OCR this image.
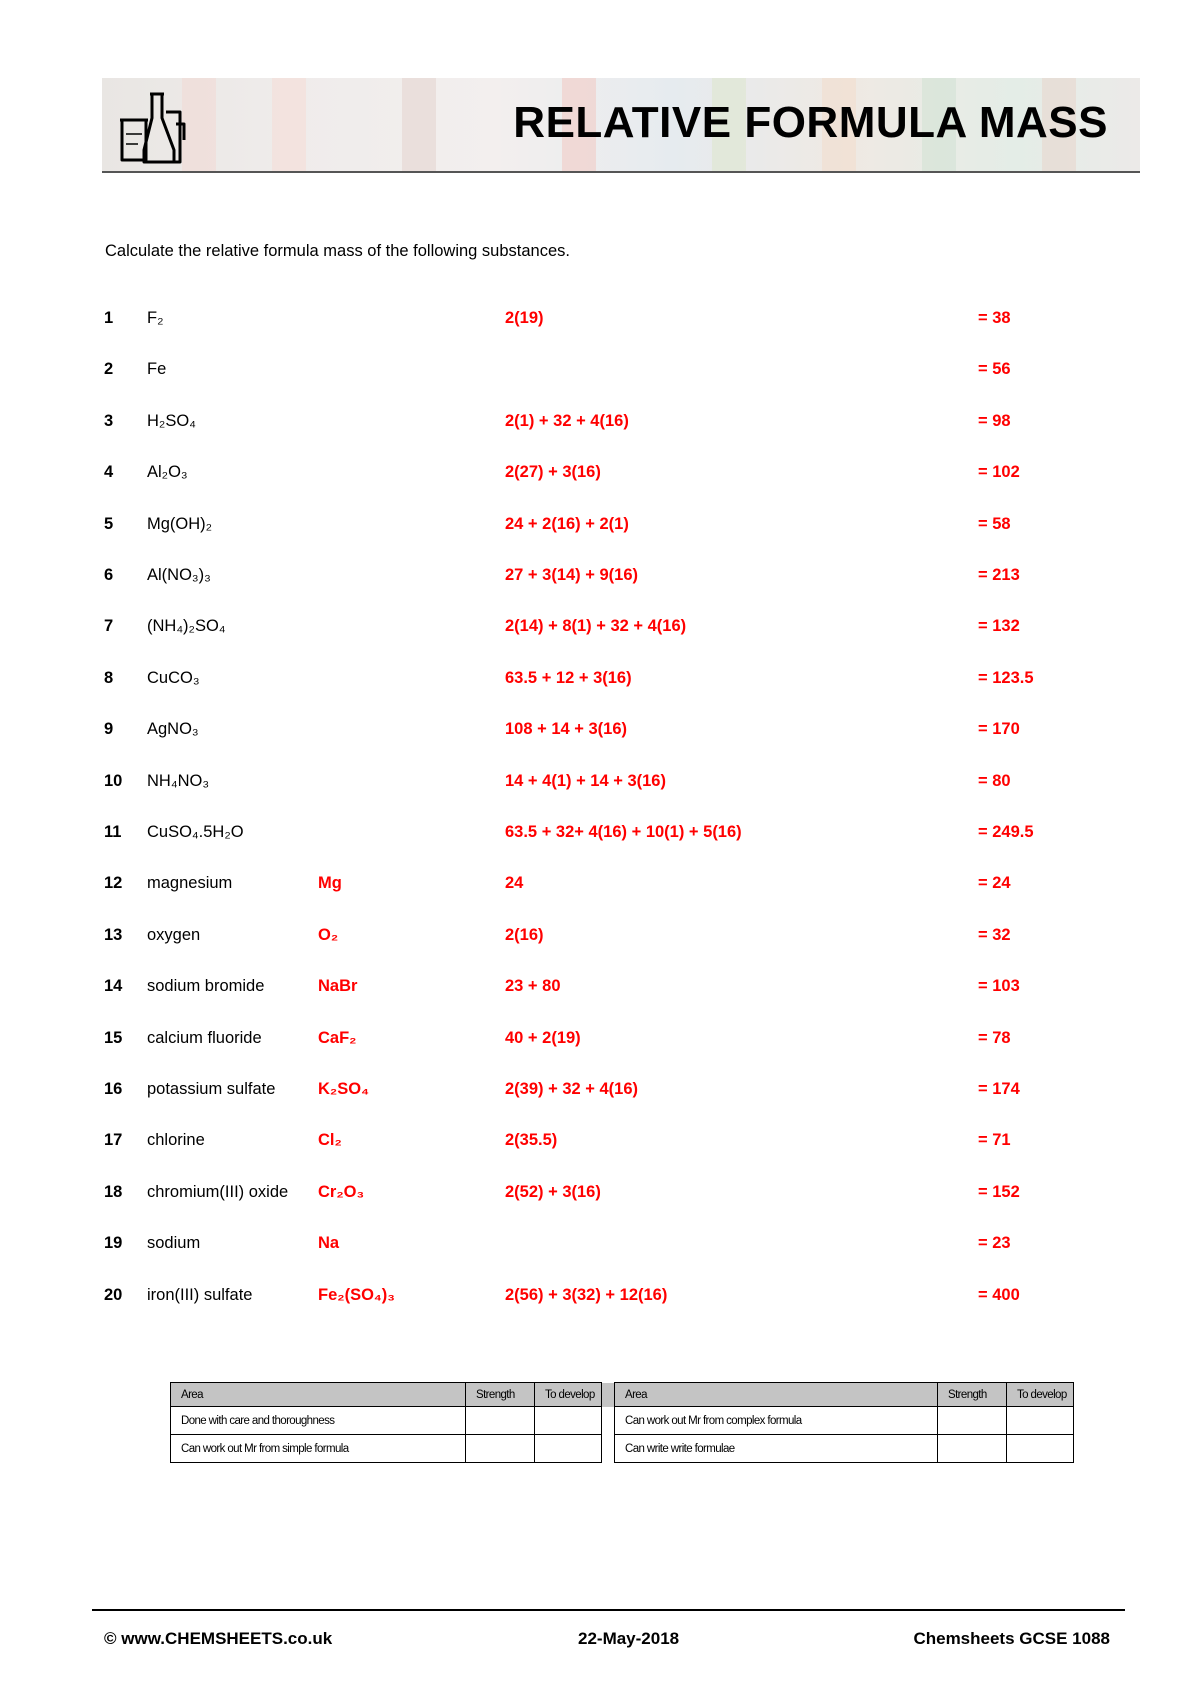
RELATIVE FORMULA MASS
Calculate the relative formula mass of the following substances.
1 F₂	2(19)	= 38
2 Fe	= 56
3 H₂SO₄	2(1) + 32 + 4(16)	= 98
4 Al₂O₃	2(27) + 3(16)	= 102
5 Mg(OH)₂	24 + 2(16) + 2(1)	= 58
6 Al(NO₃)₃	27 + 3(14) + 9(16)	= 213
7 (NH₄)₂SO₄	2(14) + 8(1) + 32 + 4(16)	= 132
8 CuCO₃	63.5 + 12 + 3(16)	= 123.5
9 AgNO₃	108 + 14 + 3(16)	= 170
10 NH₄NO₃	14 + 4(1) + 14 + 3(16)	= 80
11 CuSO₄.5H₂O	63.5 + 32+ 4(16) + 10(1) + 5(16)	= 249.5
12 magnesium	Mg	24	= 24
13 oxygen	O₂	2(16)	= 32
14 sodium bromide	NaBr	23 + 80	= 103
15 calcium fluoride	CaF₂	40 + 2(19)	= 78
16 potassium sulfate	K₂SO₄	2(39) + 32 + 4(16)	= 174
17 chlorine	Cl₂	2(35.5)	= 71
18 chromium(III) oxide Cr₂O₃	2(52) + 3(16)	= 152
19 sodium	Na	= 23
20 iron(III) sulfate	Fe₂(SO₄)₃	2(56) + 3(32) + 12(16)	= 400
Area	Strength	To develop		Area	Strength	To develop
Done with care and thoroughness				Can work out Mr from complex formula		
Can work out Mr from simple formula				Can write write formulae		
© www.CHEMSHEETS.co.uk	22-May-2018	Chemsheets GCSE 1088
